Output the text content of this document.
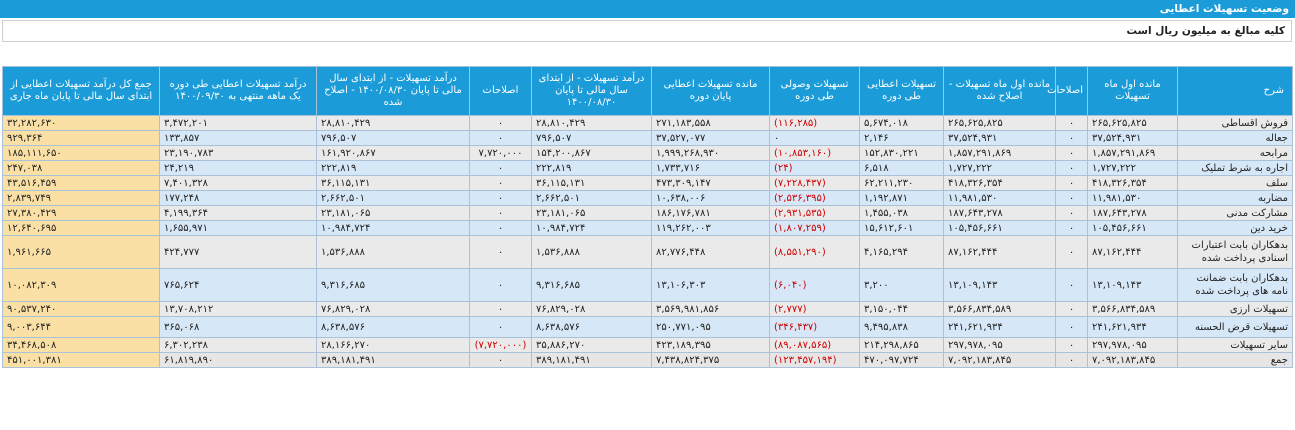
وضعیت تسهیلات اعطایی
کلیه مبالغ به میلیون ریال است
شرح	مانده اول ماه تسهیلات	اصلاحات	مانده اول ماه تسهیلات - اصلاح شده	تسهیلات اعطایی طی دوره	تسهیلات وصولی طی دوره	مانده تسهیلات اعطایی پایان دوره	درآمد تسهیلات - از ابتدای سال مالی تا پایان ۱۴۰۰/۰۸/۳۰	اصلاحات	درآمد تسهیلات - از ابتدای سال مالی تا پایان ۱۴۰۰/۰۸/۳۰ - اصلاح شده	درآمد تسهیلات اعطایی طی دوره یک ماهه منتهی به ۱۴۰۰/۰۹/۳۰	جمع کل درآمد تسهیلات اعطایی از ابتدای سال مالی تا پایان ماه جاری
فروش اقساطی	۲۶۵,۶۲۵,۸۲۵	۰	۲۶۵,۶۲۵,۸۲۵	۵,۶۷۴,۰۱۸	(۱۱۶,۲۸۵)	۲۷۱,۱۸۳,۵۵۸	۲۸,۸۱۰,۴۲۹	۰	۲۸,۸۱۰,۴۲۹	۳,۴۷۲,۲۰۱	۳۲,۲۸۲,۶۳۰
جعاله	۳۷,۵۲۴,۹۳۱	۰	۳۷,۵۲۴,۹۳۱	۲,۱۴۶	۰	۳۷,۵۲۷,۰۷۷	۷۹۶,۵۰۷	۰	۷۹۶,۵۰۷	۱۳۳,۸۵۷	۹۲۹,۳۶۴
مرابحه	۱,۸۵۷,۲۹۱,۸۶۹	۰	۱,۸۵۷,۲۹۱,۸۶۹	۱۵۲,۸۳۰,۲۲۱	(۱۰,۸۵۳,۱۶۰)	۱,۹۹۹,۲۶۸,۹۳۰	۱۵۴,۲۰۰,۸۶۷	۷,۷۲۰,۰۰۰	۱۶۱,۹۲۰,۸۶۷	۲۳,۱۹۰,۷۸۳	۱۸۵,۱۱۱,۶۵۰
اجاره به شرط تملیک	۱,۷۲۷,۲۲۲	۰	۱,۷۲۷,۲۲۲	۶,۵۱۸	(۲۴)	۱,۷۳۳,۷۱۶	۲۲۲,۸۱۹	۰	۲۲۲,۸۱۹	۲۴,۲۱۹	۲۴۷,۰۳۸
سلف	۴۱۸,۳۲۶,۳۵۴	۰	۴۱۸,۳۲۶,۳۵۴	۶۲,۲۱۱,۲۳۰	(۷,۲۲۸,۴۳۷)	۴۷۳,۳۰۹,۱۴۷	۳۶,۱۱۵,۱۳۱	۰	۳۶,۱۱۵,۱۳۱	۷,۴۰۱,۳۲۸	۴۳,۵۱۶,۴۵۹
مضاربه	۱۱,۹۸۱,۵۳۰	۰	۱۱,۹۸۱,۵۳۰	۱,۱۹۲,۸۷۱	(۲,۵۳۶,۳۹۵)	۱۰,۶۳۸,۰۰۶	۲,۶۶۲,۵۰۱	۰	۲,۶۶۲,۵۰۱	۱۷۷,۲۴۸	۲,۸۳۹,۷۴۹
مشارکت مدنی	۱۸۷,۶۴۳,۲۷۸	۰	۱۸۷,۶۴۳,۲۷۸	۱,۴۵۵,۰۳۸	(۲,۹۳۱,۵۳۵)	۱۸۶,۱۷۶,۷۸۱	۲۳,۱۸۱,۰۶۵	۰	۲۳,۱۸۱,۰۶۵	۴,۱۹۹,۳۶۴	۲۷,۳۸۰,۴۲۹
خرید دین	۱۰۵,۴۵۶,۶۶۱	۰	۱۰۵,۴۵۶,۶۶۱	۱۵,۶۱۲,۶۰۱	(۱,۸۰۷,۲۵۹)	۱۱۹,۲۶۲,۰۰۳	۱۰,۹۸۴,۷۲۴	۰	۱۰,۹۸۴,۷۲۴	۱,۶۵۵,۹۷۱	۱۲,۶۴۰,۶۹۵
بدهکاران بابت اعتبارات اسنادی پرداخت شده	۸۷,۱۶۲,۴۴۴	۰	۸۷,۱۶۲,۴۴۴	۴,۱۶۵,۲۹۴	(۸,۵۵۱,۲۹۰)	۸۲,۷۷۶,۴۴۸	۱,۵۳۶,۸۸۸	۰	۱,۵۳۶,۸۸۸	۴۲۴,۷۷۷	۱,۹۶۱,۶۶۵
بدهکاران بابت ضمانت نامه های پرداخت شده	۱۳,۱۰۹,۱۴۳	۰	۱۳,۱۰۹,۱۴۳	۳,۲۰۰	(۶,۰۴۰)	۱۳,۱۰۶,۳۰۳	۹,۳۱۶,۶۸۵	۰	۹,۳۱۶,۶۸۵	۷۶۵,۶۲۴	۱۰,۰۸۲,۳۰۹
تسهیلات ارزی	۳,۵۶۶,۸۳۴,۵۸۹	۰	۳,۵۶۶,۸۳۴,۵۸۹	۳,۱۵۰,۰۴۴	(۲,۷۷۷)	۳,۵۶۹,۹۸۱,۸۵۶	۷۶,۸۲۹,۰۲۸	۰	۷۶,۸۲۹,۰۲۸	۱۳,۷۰۸,۲۱۲	۹۰,۵۳۷,۲۴۰
تسهیلات قرض الحسنه	۲۴۱,۶۲۱,۹۳۴	۰	۲۴۱,۶۲۱,۹۳۴	۹,۴۹۵,۸۳۸	(۳۴۶,۴۳۷)	۲۵۰,۷۷۱,۰۹۵	۸,۶۳۸,۵۷۶	۰	۸,۶۳۸,۵۷۶	۳۶۵,۰۶۸	۹,۰۰۳,۶۴۴
سایر تسهیلات	۲۹۷,۹۷۸,۰۹۵	۰	۲۹۷,۹۷۸,۰۹۵	۲۱۴,۲۹۸,۸۶۵	(۸۹,۰۸۷,۵۶۵)	۴۲۳,۱۸۹,۳۹۵	۳۵,۸۸۶,۲۷۰	(۷,۷۲۰,۰۰۰)	۲۸,۱۶۶,۲۷۰	۶,۳۰۲,۲۳۸	۳۴,۴۶۸,۵۰۸
جمع	۷,۰۹۲,۱۸۳,۸۴۵	۰	۷,۰۹۲,۱۸۳,۸۴۵	۴۷۰,۰۹۷,۷۲۴	(۱۲۳,۴۵۷,۱۹۴)	۷,۴۳۸,۸۲۴,۳۷۵	۳۸۹,۱۸۱,۴۹۱	۰	۳۸۹,۱۸۱,۴۹۱	۶۱,۸۱۹,۸۹۰	۴۵۱,۰۰۱,۳۸۱
